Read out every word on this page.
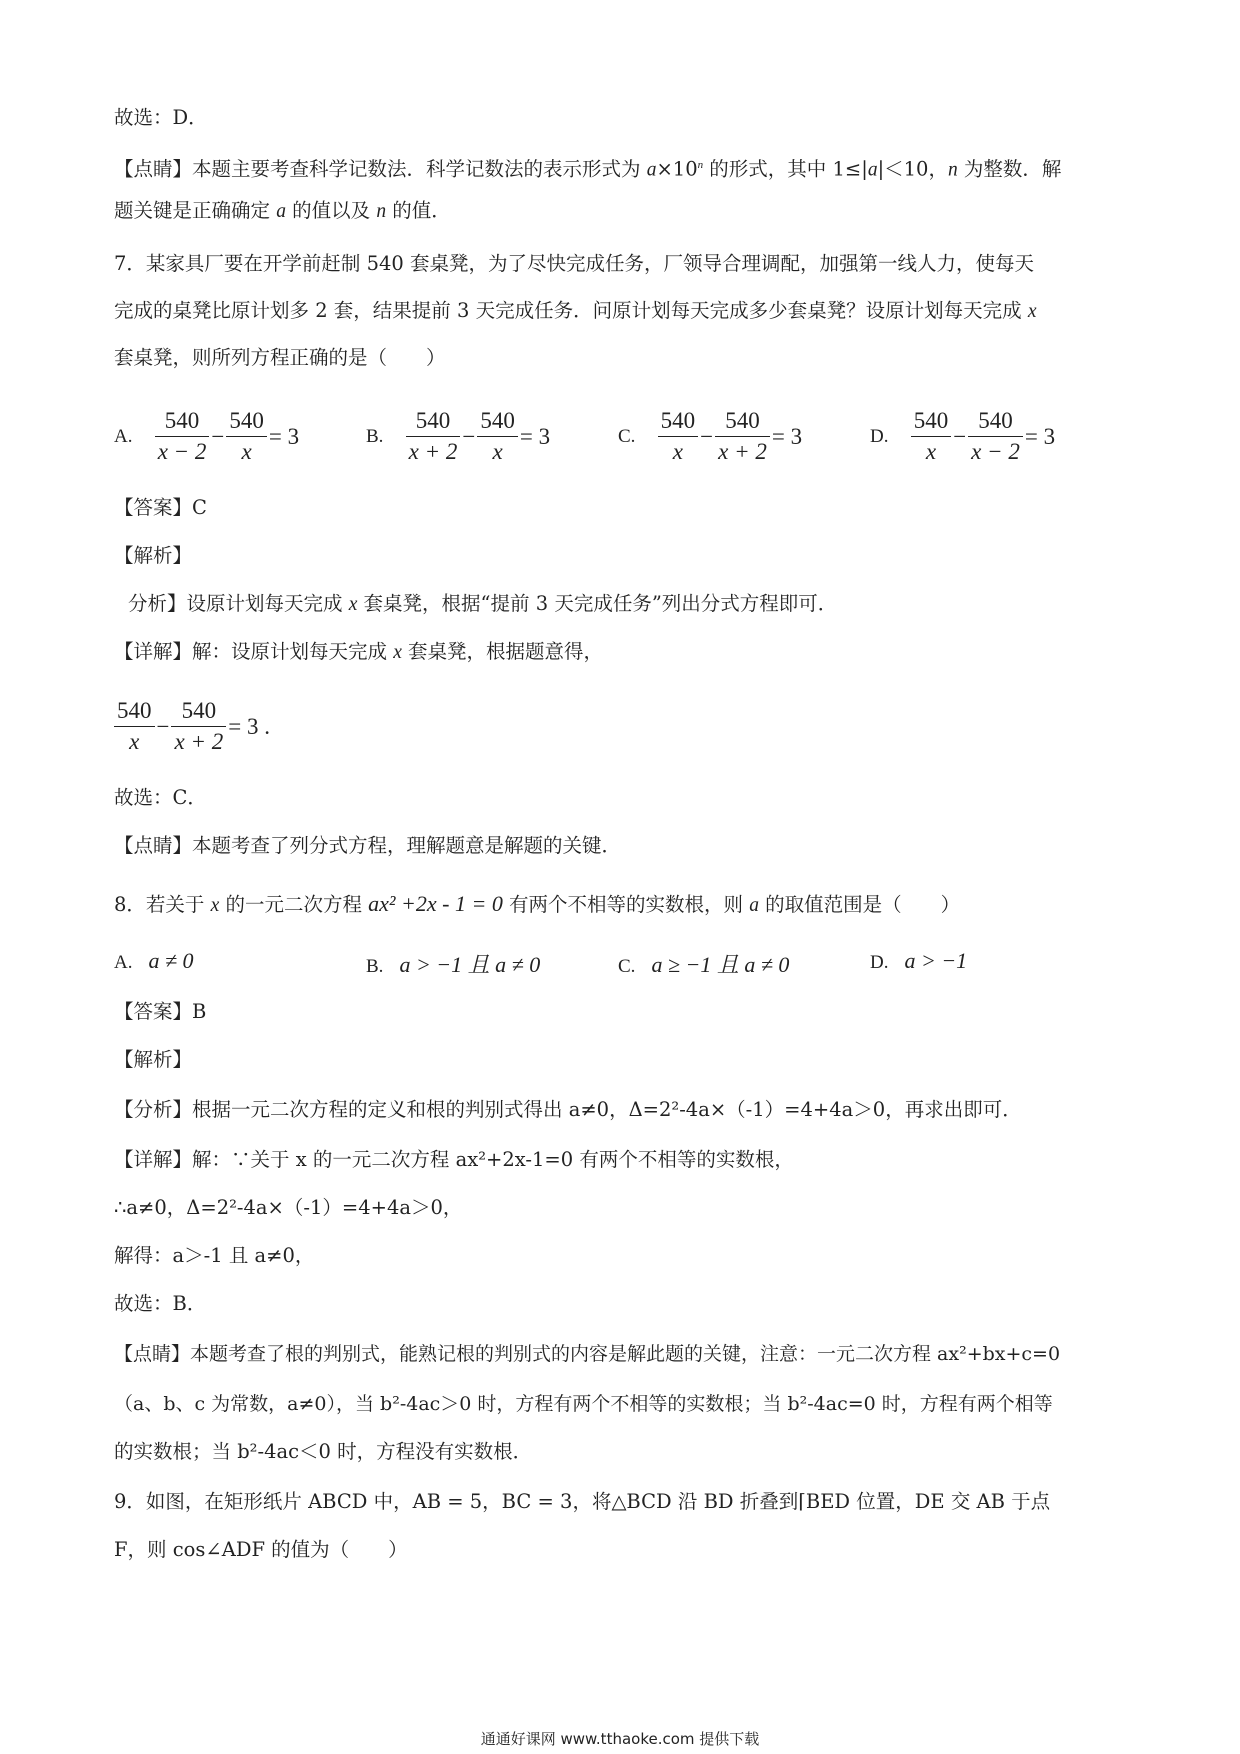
故选：D．
【点睛】本题主要考查科学记数法．科学记数法的表示形式为 $a\times 10^n$ 的形式，其中 1≤|a|＜10，n 为整数．解
题关键是正确确定 a 的值以及 n 的值．
7．某家具厂要在开学前赶制 540 套桌凳，为了尽快完成任务，厂领导合理调配，加强第一线人力，使每天
完成的桌凳比原计划多 2 套，结果提前 3 天完成任务．问原计划每天完成多少套桌凳？设原计划每天完成 x
套桌凳，则所列方程正确的是（　　）
A. $\frac{540}{x - 2} - \frac{540}{x} = 3$	B. $\frac{540}{x + 2} - \frac{540}{x} = 3$	C. $\frac{540}{x} - \frac{540}{x + 2} = 3$	D. $\frac{540}{x} - \frac{540}{x - 2} = 3$
【答案】C
【解析】
分析】设原计划每天完成 x 套桌凳，根据“提前 3 天完成任务”列出分式方程即可．
【详解】解：设原计划每天完成 x 套桌凳，根据题意得，
$\frac{540}{x} - \frac{540}{x + 2} = 3$ .
故选：C．
【点睛】本题考查了列分式方程，理解题意是解题的关键．
8．若关于 x 的一元二次方程 ax² +2x - 1 = 0 有两个不相等的实数根，则 a 的取值范围是（　　）
A. a ≠ 0	B. a > −1 且 a ≠ 0	C. a ≥ −1 且 a ≠ 0	D. a > −1
【答案】B
【解析】
【分析】根据一元二次方程的定义和根的判别式得出 a≠0，Δ=2²-4a×（-1）=4+4a＞0，再求出即可．
【详解】解：∵关于 x 的一元二次方程 ax²+2x-1=0 有两个不相等的实数根，
∴a≠0，Δ=2²-4a×（-1）=4+4a＞0，
解得：a＞-1 且 a≠0，
故选：B．
【点睛】本题考查了根的判别式，能熟记根的判别式的内容是解此题的关键，注意：一元二次方程 ax²+bx+c=0
（a、b、c 为常数，a≠0），当 b²-4ac＞0 时，方程有两个不相等的实数根；当 b²-4ac=0 时，方程有两个相等
的实数根；当 b²-4ac＜0 时，方程没有实数根．
9．如图，在矩形纸片 ABCD 中，AB = 5，BC = 3，将△BCD 沿 BD 折叠到⌈BED 位置，DE 交 AB 于点
F，则 cos∠ADF 的值为（　　）
通通好课网 www.tthaoke.com 提供下载
